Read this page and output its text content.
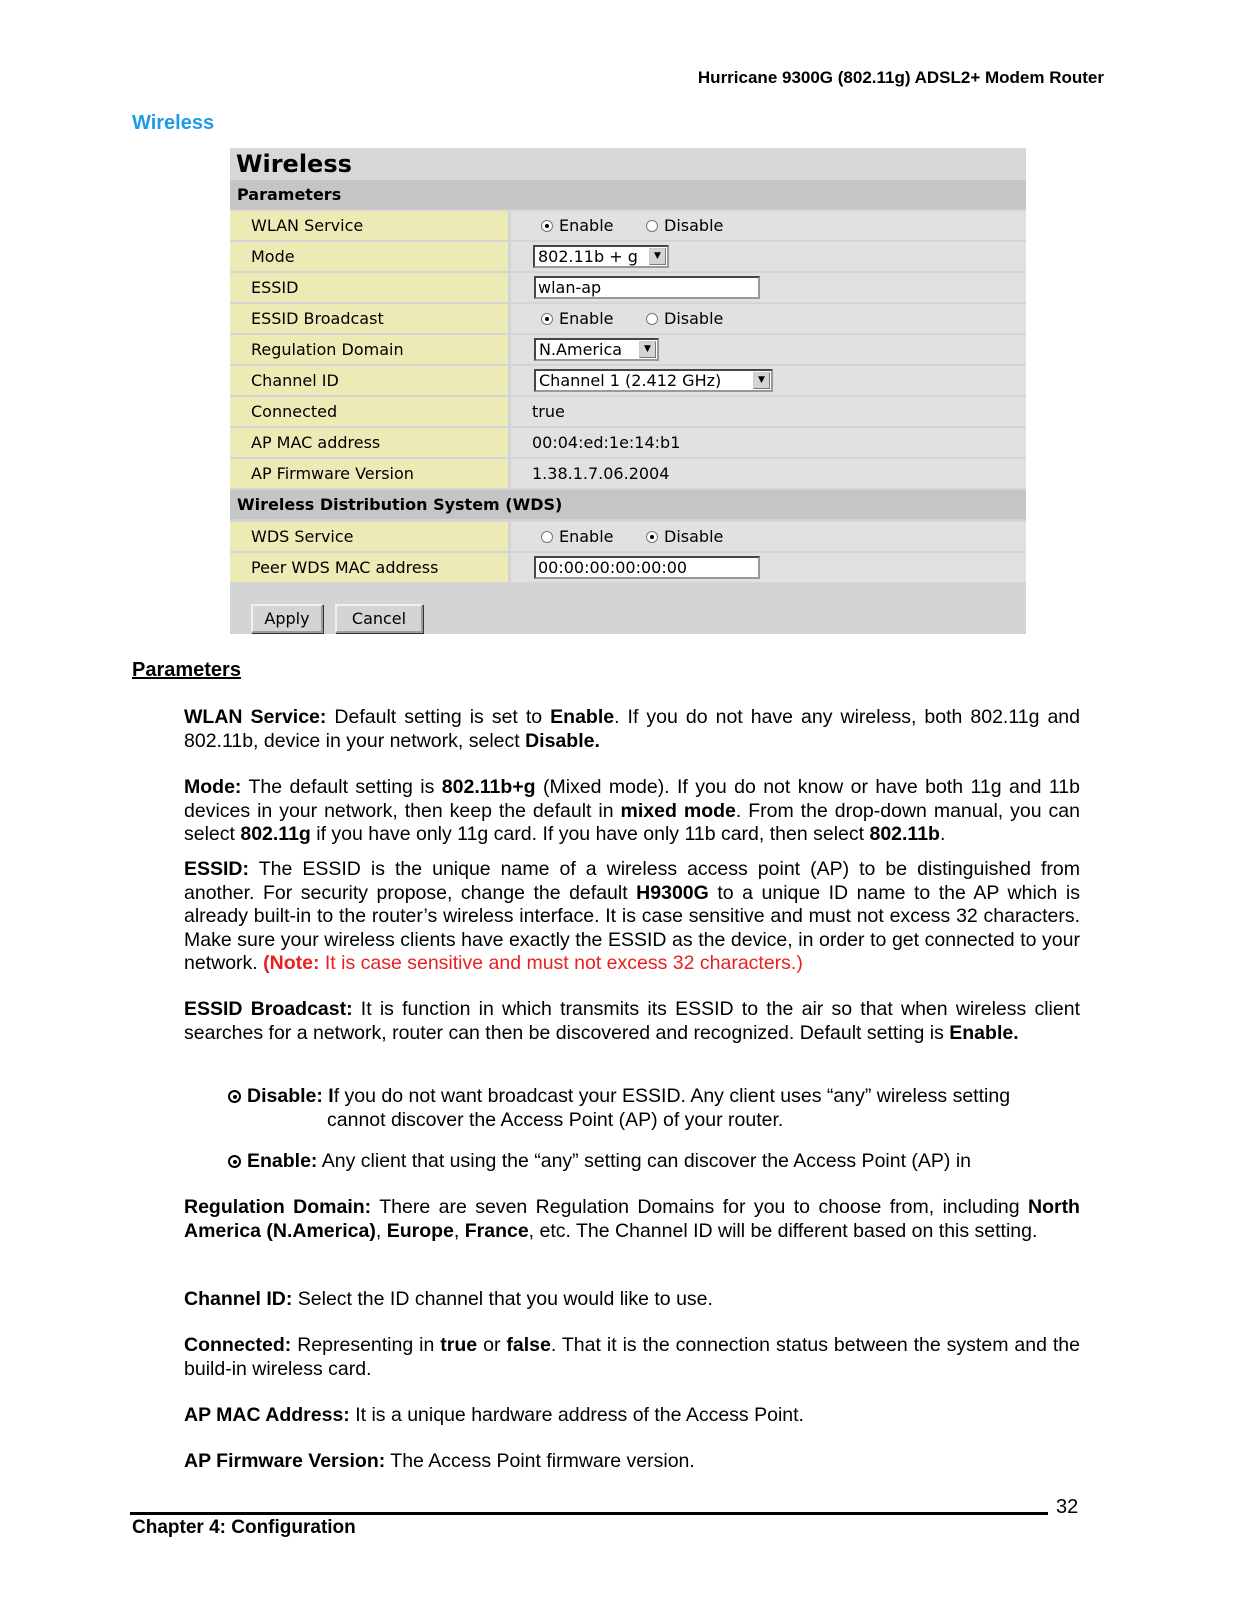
Hurricane 9300G (802.11g) ADSL2+ Modem Router
Wireless
Wireless
Parameters
WLAN Service	Enable	Disable
Mode	802.11b + g	▼
ESSID	wlan-ap
ESSID Broadcast	Enable	Disable
Regulation Domain	N.America	▼
Channel ID	Channel 1 (2.412 GHz)	▼
Connected	true
AP MAC address	00:04:ed:1e:14:b1
AP Firmware Version	1.38.1.7.06.2004
Wireless Distribution System (WDS)
WDS Service	Enable	Disable
Peer WDS MAC address	00:00:00:00:00:00
Apply	Cancel
Parameters

WLAN Service: Default setting is set to Enable. If you do not have any wireless, both 802.11g and 802.11b, device in your network, select Disable.

Mode: The default setting is 802.11b+g (Mixed mode). If you do not know or have both 11g and 11b devices in your network, then keep the default in mixed mode. From the drop-down manual, you can select 802.11g if you have only 11g card. If you have only 11b card, then select 802.11b.

ESSID: The ESSID is the unique name of a wireless access point (AP) to be distinguished from another. For security propose, change the default H9300G to a unique ID name to the AP which is already built-in to the router’s wireless interface. It is case sensitive and must not excess 32 characters. Make sure your wireless clients have exactly the ESSID as the device, in order to get connected to your network. (Note: It is case sensitive and must not excess 32 characters.)

ESSID Broadcast: It is function in which transmits its ESSID to the air so that when wireless client searches for a network, router can then be discovered and recognized. Default setting is Enable.

Disable: If you do not want broadcast your ESSID. Any client uses “any” wireless setting
cannot discover the Access Point (AP) of your router.
Enable: Any client that using the “any” setting can discover the Access Point (AP) in

Regulation Domain: There are seven Regulation Domains for you to choose from, including North America (N.America), Europe, France, etc. The Channel ID will be different based on this setting.

Channel ID: Select the ID channel that you would like to use.

Connected: Representing in true or false. That it is the connection status between the system and the build-in wireless card.

AP MAC Address: It is a unique hardware address of the Access Point.

AP Firmware Version: The Access Point firmware version.

32
Chapter 4: Configuration
